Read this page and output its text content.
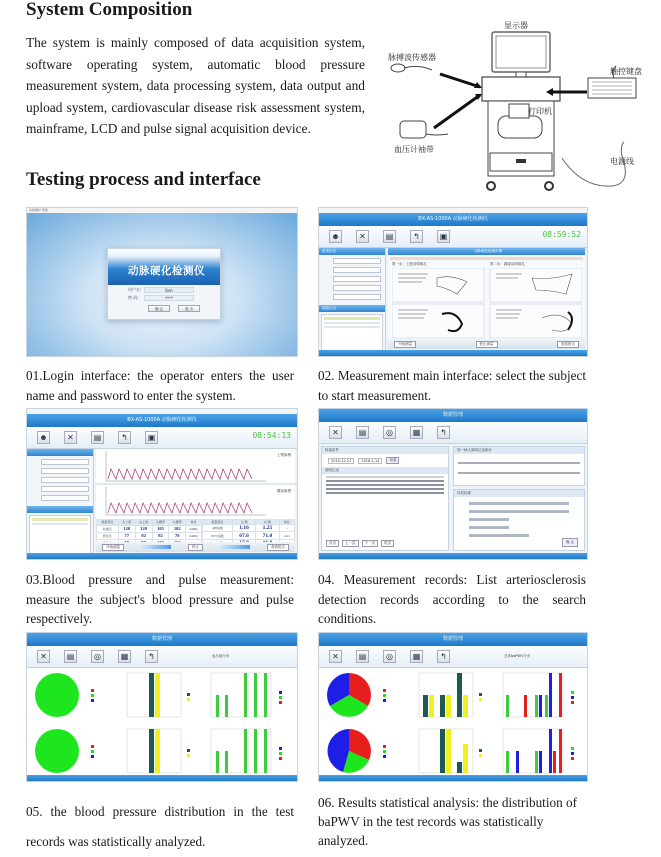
System Composition
The system is mainly composed of data acquisition system, software operating system, automatic blood pressure measurement system, data processing system, data output and upload system, cardiovascular disease risk assessment system, mainframe, LCD and pulse signal acquisition device.
Testing process and interface
显示器
脉搏波传感器
触控键盘
打印机
血压计袖带
电源线
系统维护 帮助
动脉硬化检测仪
用户名:	lbm
密 码:	****
确 定	退 出
01.Login interface: the operator enters the user name and password to enter the system.
BX-AS-1000A 动脉硬化检测仪
☻	✕	▤	↰	▣	08:59:52
患者信息
测量记录
动脉硬化检测步骤
第一步：上肢袖带绑扎	第二步：踝部袖带绑扎
开始测量	停止测量	查看报告
02. Measurement main interface: select the subject to start measurement.
BX-AS-1000A 动脉硬化检测仪
☻	✕	▤	↰	▣	08:54:13
上臂脉搏
踝部脉搏
测量项目	左上肢	右上肢	左踝部	右踝部	单位
收缩压	120	120	105	102	mmHg
舒张压	77	82	82	70	mmHg

测量项目	左 侧	右 侧	单位
ABI指数	1.16	1.25	--
PWV指数	67.6	71.0	cm/s

开始测量	停止	查看报告
03.Blood pressure and pulse measurement: measure the subject's blood pressure and pulse respectively.
数据管理
✕	▤	◎	▦	↰
检索条件
2015-12-21	2016-1-14	检索
测试记录
首页	上一页	下一页	尾页
同一病人测试记录统计
评估标准
确 定
04. Measurement records: List arteriosclerosis detection records according to the search conditions.
数据管理
✕	▤	◎	▦	↰	血压值分布
05. the blood pressure distribution in the test records was statistically analyzed.
数据管理
✕	▤	◎	▦	↰	总体baPWV分布
06. Results statistical analysis: the distribution of baPWV in the test records was statistically analyzed.
